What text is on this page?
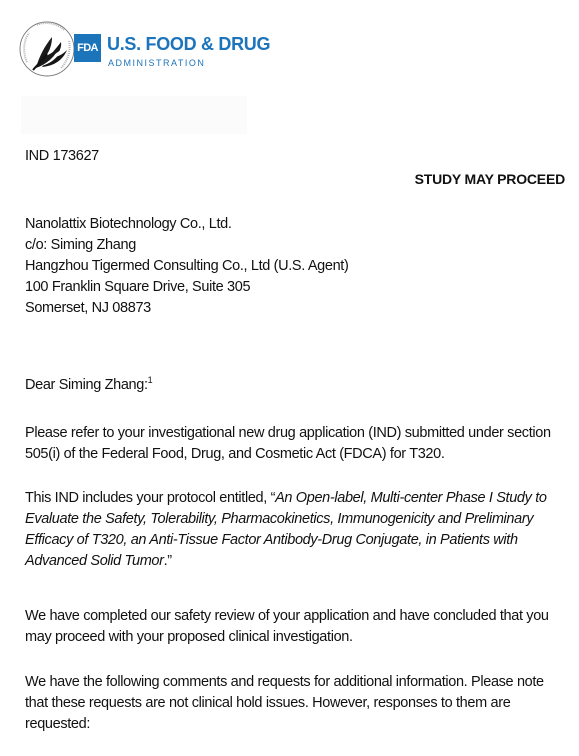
FDA U.S. FOOD & DRUG
ADMINISTRATION
IND 173627
STUDY MAY PROCEED
Nanolattix Biotechnology Co., Ltd.
c/o: Siming Zhang
Hangzhou Tigermed Consulting Co., Ltd (U.S. Agent)
100 Franklin Square Drive, Suite 305
Somerset, NJ 08873
Dear Siming Zhang:$^1$
Please refer to your investigational new drug application (IND) submitted under section
505(i) of the Federal Food, Drug, and Cosmetic Act (FDCA) for T320.
This IND includes your protocol entitled, “An Open-label, Multi-center Phase I Study to
Evaluate the Safety, Tolerability, Pharmacokinetics, Immunogenicity and Preliminary
Efficacy of T320, an Anti-Tissue Factor Antibody-Drug Conjugate, in Patients with
Advanced Solid Tumor.”
We have completed our safety review of your application and have concluded that you
may proceed with your proposed clinical investigation.
We have the following comments and requests for additional information. Please note
that these requests are not clinical hold issues. However, responses to them are
requested:
